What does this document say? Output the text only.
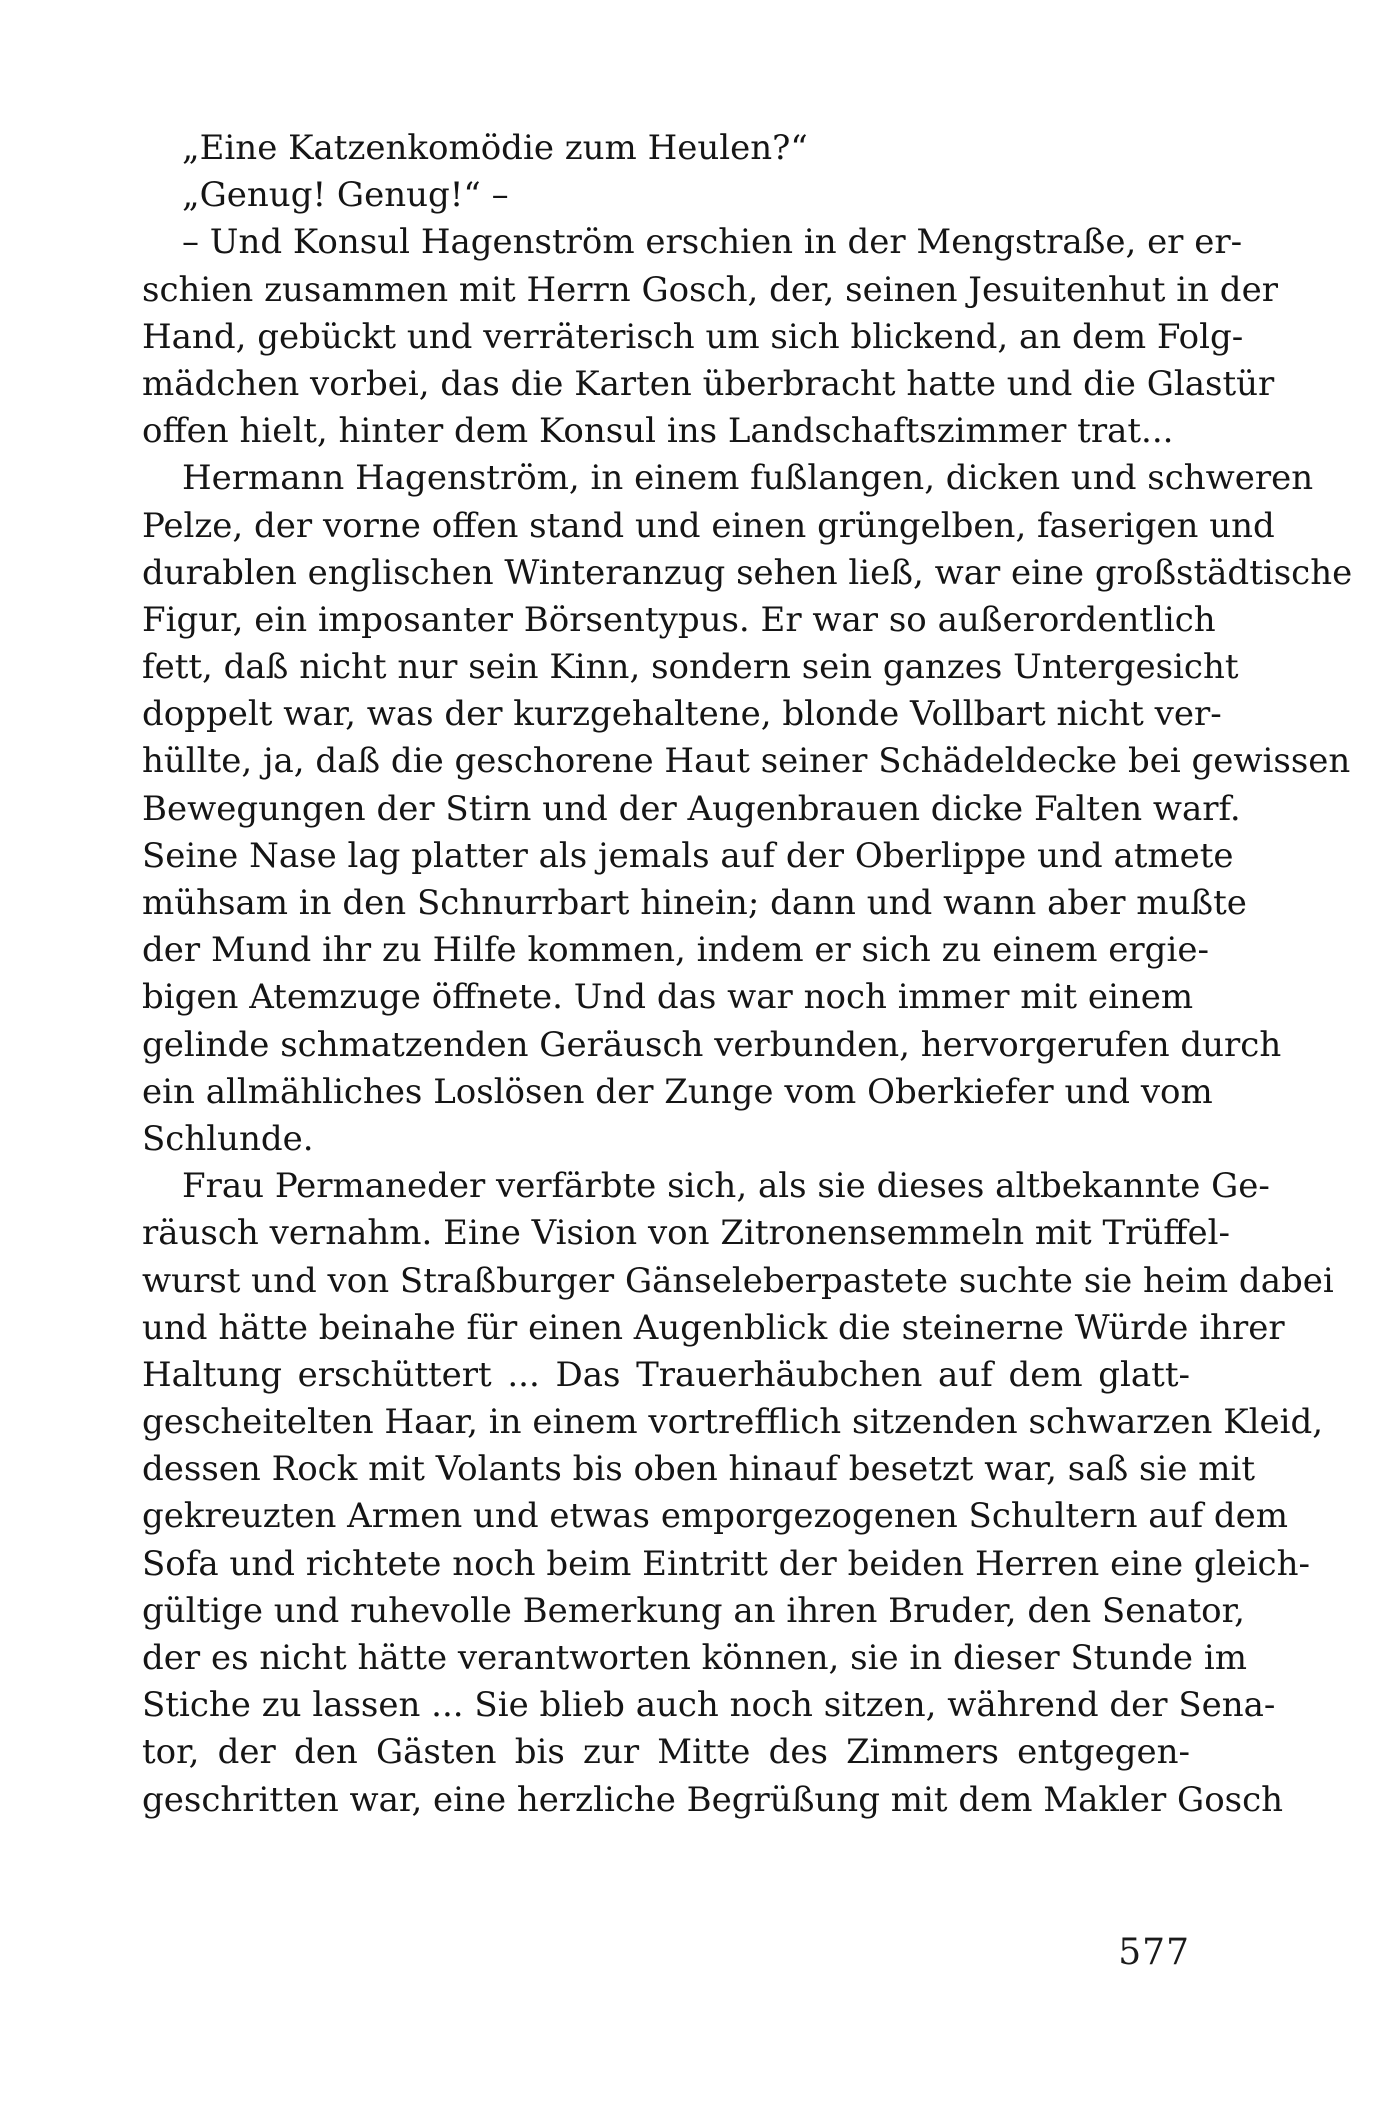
„Eine Katzenkomödie zum Heulen?“
„Genug! Genug!“ –
– Und Konsul Hagenström erschien in der Mengstraße, er er-
schien zusammen mit Herrn Gosch, der, seinen Jesuitenhut in der
Hand, gebückt und verräterisch um sich blickend, an dem Folg-
mädchen vorbei, das die Karten überbracht hatte und die Glastür
offen hielt, hinter dem Konsul ins Landschaftszimmer trat...
Hermann Hagenström, in einem fußlangen, dicken und schweren
Pelze, der vorne offen stand und einen grüngelben, faserigen und
durablen englischen Winteranzug sehen ließ, war eine großstädtische
Figur, ein imposanter Börsentypus. Er war so außerordentlich
fett, daß nicht nur sein Kinn, sondern sein ganzes Untergesicht
doppelt war, was der kurzgehaltene, blonde Vollbart nicht ver-
hüllte, ja, daß die geschorene Haut seiner Schädeldecke bei gewissen
Bewegungen der Stirn und der Augenbrauen dicke Falten warf.
Seine Nase lag platter als jemals auf der Oberlippe und atmete
mühsam in den Schnurrbart hinein; dann und wann aber mußte
der Mund ihr zu Hilfe kommen, indem er sich zu einem ergie-
bigen Atemzuge öffnete. Und das war noch immer mit einem
gelinde schmatzenden Geräusch verbunden, hervorgerufen durch
ein allmähliches Loslösen der Zunge vom Oberkiefer und vom
Schlunde.
Frau Permaneder verfärbte sich, als sie dieses altbekannte Ge-
räusch vernahm. Eine Vision von Zitronensemmeln mit Trüffel-
wurst und von Straßburger Gänseleberpastete suchte sie heim dabei
und hätte beinahe für einen Augenblick die steinerne Würde ihrer
Haltung erschüttert ... Das Trauerhäubchen auf dem glatt-
gescheitelten Haar, in einem vortrefflich sitzenden schwarzen Kleid,
dessen Rock mit Volants bis oben hinauf besetzt war, saß sie mit
gekreuzten Armen und etwas emporgezogenen Schultern auf dem
Sofa und richtete noch beim Eintritt der beiden Herren eine gleich-
gültige und ruhevolle Bemerkung an ihren Bruder, den Senator,
der es nicht hätte verantworten können, sie in dieser Stunde im
Stiche zu lassen ... Sie blieb auch noch sitzen, während der Sena-
tor, der den Gästen bis zur Mitte des Zimmers entgegen-
geschritten war, eine herzliche Begrüßung mit dem Makler Gosch
577
